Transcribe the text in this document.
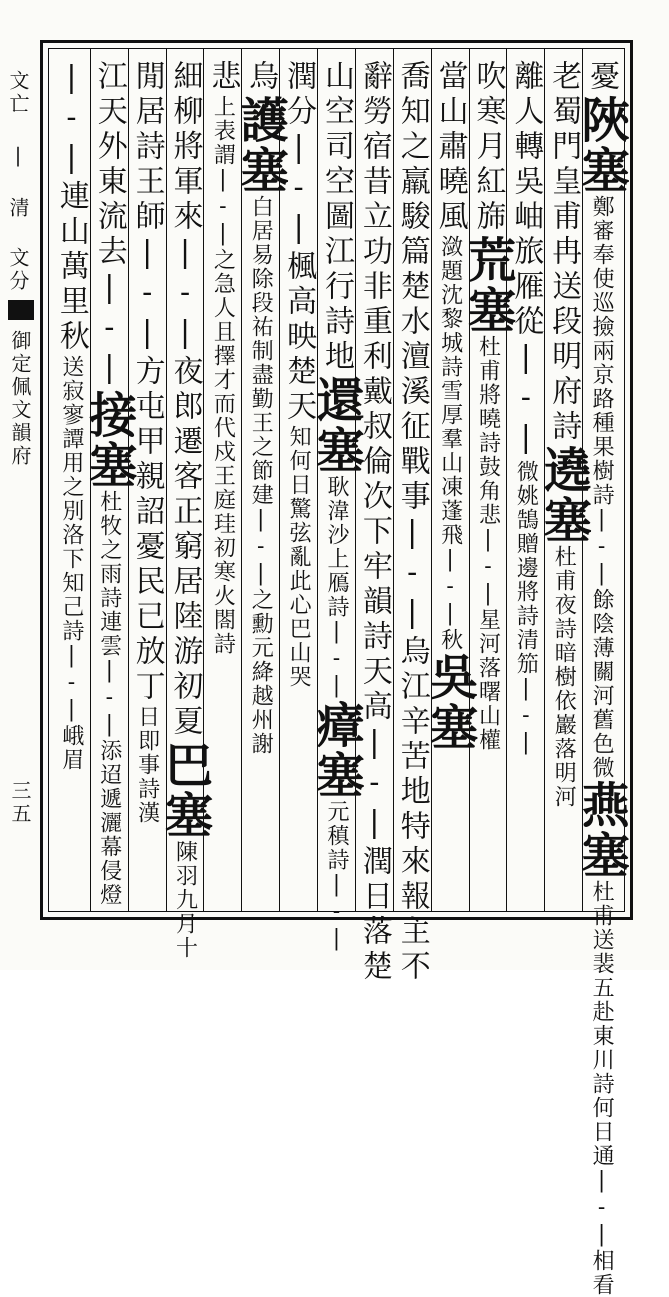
文亡 | 清 文分
御定佩文韻府
三五
憂陜塞鄭審奉使巡撿兩京路種果樹詩|-|餘陰薄關河舊色微燕塞杜甫送裴五赴東川詩何日通|-|相看
老蜀門皇甫冉送段明府詩遶塞杜甫夜詩暗樹依巖落明河
離人轉吳岫旅雁從|-|微姚鵠贈邊將詩清笳|-|
吹寒月紅旆荒塞杜甫將曉詩鼓角悲|-|星河落曙山權
當山肅曉風潋題沈黎城詩雪厚羣山凍蓬飛|-|秋吳塞
喬知之羸駿篇楚水澶溪征戰事|-|烏江辛苦地特來報主不
辭勞宿昔立功非重利戴叔倫次下牢韻詩天高|-|潤日落楚
山空司空圖江行詩地還塞耿湋沙上鴈詩|-|瘴塞元稹詩|-|
潤分|-|楓高映楚天知何日驚弦亂此心巴山哭
烏護塞白居易除段祐制盡勤王之節建|-|之勳元絳越州謝
悲上表謂|-|之急人且擇才而代戍王庭珪初寒火閤詩
細柳將軍來|-|夜郎遷客正窮居陸游初夏巴塞陳羽九月十
閒居詩王師|-|方屯甲親詔憂民已放丁日即事詩漢
江天外東流去|-|接塞杜牧之雨詩連雲|-|添迢遞灑幕侵燈
|-|連山萬里秋送寂寥譚用之別洛下知己詩|-|峨眉
